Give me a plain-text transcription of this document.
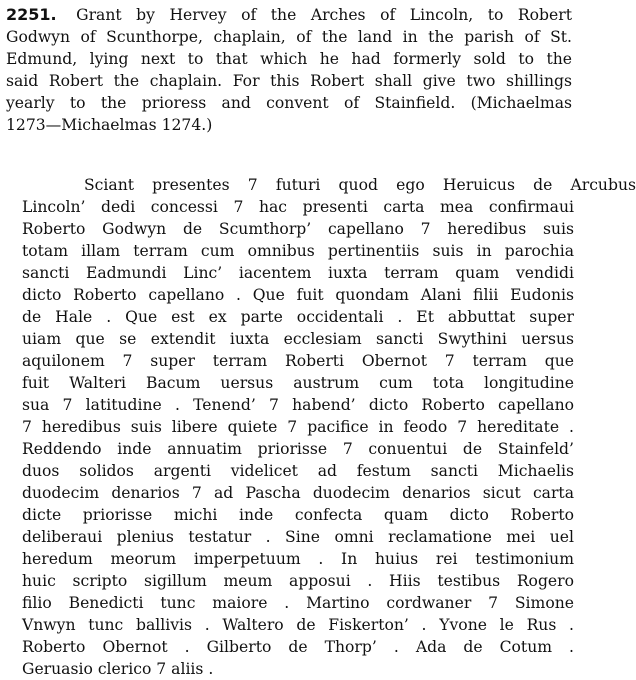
2251. Grant by Hervey of the Arches of Lincoln, to Robert
Godwyn of Scunthorpe, chaplain, of the land in the parish of St.
Edmund, lying next to that which he had formerly sold to the
said Robert the chaplain. For this Robert shall give two shillings
yearly to the prioress and convent of Stainfield. (Michaelmas
1273—Michaelmas 1274.)
Sciant presentes 7 futuri quod ego Heruicus de Arcubus
Lincoln’ dedi concessi 7 hac presenti carta mea confirmaui
Roberto Godwyn de Scumthorp’ capellano 7 heredibus suis
totam illam terram cum omnibus pertinentiis suis in parochia
sancti Eadmundi Linc’ iacentem iuxta terram quam vendidi
dicto Roberto capellano . Que fuit quondam Alani filii Eudonis
de Hale . Que est ex parte occidentali . Et abbuttat super
uiam que se extendit iuxta ecclesiam sancti Swythini uersus
aquilonem 7 super terram Roberti Obernot 7 terram que
fuit Walteri Bacum uersus austrum cum tota longitudine
sua 7 latitudine . Tenend’ 7 habend’ dicto Roberto capellano
7 heredibus suis libere quiete 7 pacifice in feodo 7 hereditate .
Reddendo inde annuatim priorisse 7 conuentui de Stainfeld’
duos solidos argenti videlicet ad festum sancti Michaelis
duodecim denarios 7 ad Pascha duodecim denarios sicut carta
dicte priorisse michi inde confecta quam dicto Roberto
deliberaui plenius testatur . Sine omni reclamatione mei uel
heredum meorum imperpetuum . In huius rei testimonium
huic scripto sigillum meum apposui . Hiis testibus Rogero
filio Benedicti tunc maiore . Martino cordwaner 7 Simone
Vnwyn tunc ballivis . Waltero de Fiskerton’ . Yvone le Rus .
Roberto Obernot . Gilberto de Thorp’ . Ada de Cotum .
Geruasio clerico 7 aliis .
